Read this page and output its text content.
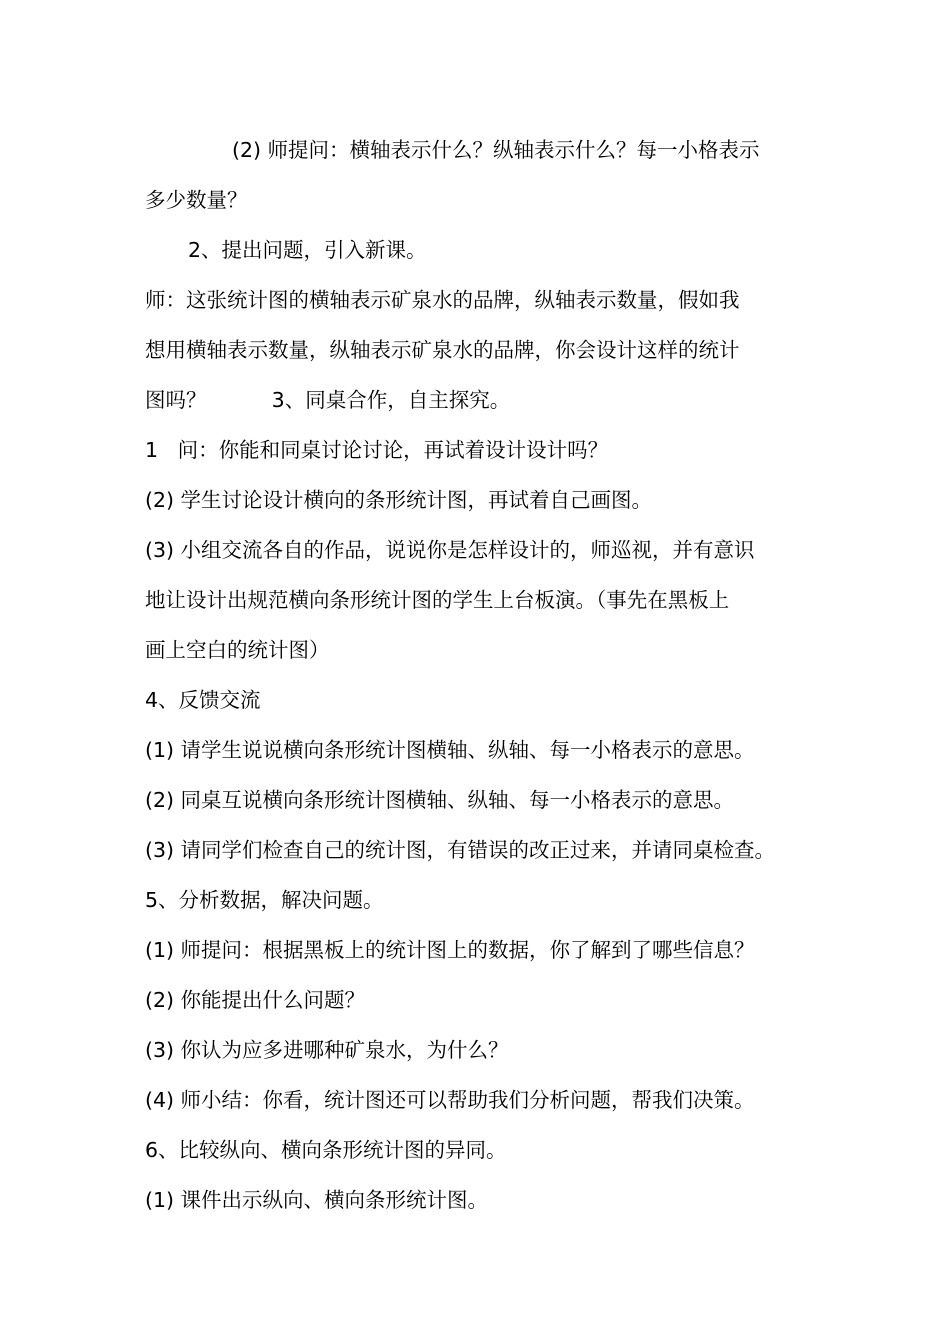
(2) 师提问：横轴表示什么？纵轴表示什么？每一小格表示
多少数量？
2、提出问题，引入新课。
师：这张统计图的横轴表示矿泉水的品牌，纵轴表示数量，假如我
想用横轴表示数量，纵轴表示矿泉水的品牌，你会设计这样的统计
图吗？          3、同桌合作，自主探究。
1   问：你能和同桌讨论讨论，再试着设计设计吗？
(2) 学生讨论设计横向的条形统计图，再试着自己画图。
(3) 小组交流各自的作品，说说你是怎样设计的，师巡视，并有意识
地让设计出规范横向条形统计图的学生上台板演。（事先在黑板上
画上空白的统计图）
4、反馈交流
(1) 请学生说说横向条形统计图横轴、纵轴、每一小格表示的意思。
(2) 同桌互说横向条形统计图横轴、纵轴、每一小格表示的意思。
(3) 请同学们检查自己的统计图，有错误的改正过来，并请同桌检查。
5、分析数据，解决问题。
(1) 师提问：根据黑板上的统计图上的数据，你了解到了哪些信息？
(2) 你能提出什么问题？
(3) 你认为应多进哪种矿泉水，为什么？
(4) 师小结：你看，统计图还可以帮助我们分析问题，帮我们决策。
6、比较纵向、横向条形统计图的异同。
(1) 课件出示纵向、横向条形统计图。
